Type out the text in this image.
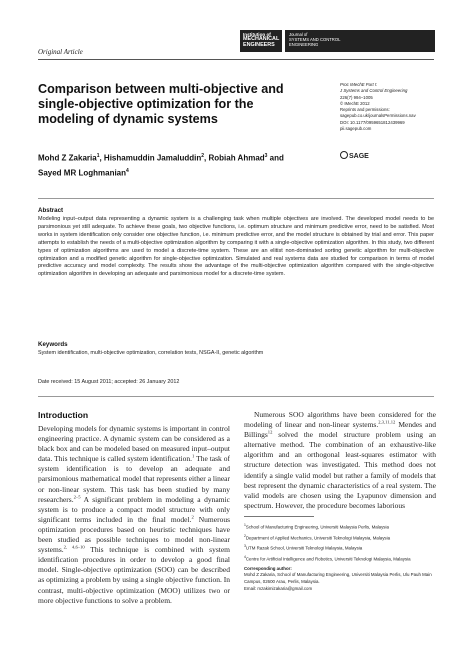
Original Article
Institution of
MECHANICAL
ENGINEERS
Journal of
SYSTEMS AND CONTROL
ENGINEERING
Comparison between multi-objective and single-objective optimization for the modeling of dynamic systems
Proc IMechE Part I:
J Systems and Control Engineering
226(7) 994–1005
© IMechE 2012
Reprints and permissions:
sagepub.co.uk/journalsPermissions.nav
DOI: 10.1177/0959651812439969
pii.sagepub.com
SAGE
Mohd Z Zakaria$^1$, Hishamuddin Jamaluddin$^2$, Robiah Ahmad$^3$ and
Sayed MR Loghmanian$^4$
Abstract
Modeling input–output data representing a dynamic system is a challenging task when multiple objectives are involved. The developed model needs to be parsimonious yet still adequate. To achieve these goals, two objective functions, i.e. optimum structure and minimum predictive error, need to be satisfied. Most works in system identification only consider one objective function, i.e. minimum predictive error, and the model structure is obtained by trial and error. This paper attempts to establish the needs of a multi-objective optimization algorithm by comparing it with a single-objective optimization algorithm. In this study, two different types of optimization algorithms are used to model a discrete-time system. These are an elitist non-dominated sorting genetic algorithm for multi-objective optimization and a modified genetic algorithm for single-objective optimization. Simulated and real systems data are studied for comparison in terms of model predictive accuracy and model complexity. The results show the advantage of the multi-objective optimization algorithm compared with the single-objective optimization algorithm in developing an adequate and parsimonious model for a discrete-time system.
Keywords
System identification, multi-objective optimization, correlation tests, NSGA-II, genetic algorithm
Date received: 15 August 2011; accepted: 26 January 2012
Introduction
Developing models for dynamic systems is important in control engineering practice. A dynamic system can be considered as a black box and can be modeled based on measured input–output data. This technique is called system identification.$^1$ The task of system identification is to develop an adequate and parsimonious mathematical model that represents either a linear or non-linear system. This task has been studied by many researchers.$^{2-5}$ A significant problem in modeling a dynamic system is to produce a compact model structure with only significant terms included in the final model.$^2$ Numerous optimization procedures based on heuristic techniques have been studied as possible techniques to model non-linear systems.$^{2, 4,6-10}$ This technique is combined with system identification procedures in order to develop a good final model. Single-objective optimization (SOO) can be described as optimizing a problem by using a single objective function. In contrast, multi-objective optimization (MOO) utilizes two or more objective functions to solve a problem.
Numerous SOO algorithms have been considered for the modeling of linear and non-linear systems.$^{2,3,11,12}$ Mendes and Billings$^{12}$ solved the model structure problem using an alternative method. The combination of an exhaustive-like algorithm and an orthogonal least-squares estimator with structure detection was investigated. This method does not identify a single valid model but rather a family of models that best represent the dynamic characteristics of a real system. The valid models are chosen using the Lyapunov dimension and spectrum. However, the procedure becomes laborious
$^1$School of Manufacturing Engineering, Universiti Malaysia Perlis, Malaysia
$^2$Department of Applied Mechanics, Universiti Teknologi Malaysia, Malaysia
$^3$UTM Razak School, Universiti Teknologi Malaysia, Malaysia
$^4$Centre for Artificial Intelligence and Robotics, Universiti Teknologi Malaysia, Malaysia
Corresponding author:
Mohd Z Zakaria, School of Manufacturing Engineering, Universiti Malaysia Perlis, Ulu Pauh Main Campus, 02600 Arau, Perlis, Malaysia.
Email: mzakimizakaria@gmail.com
